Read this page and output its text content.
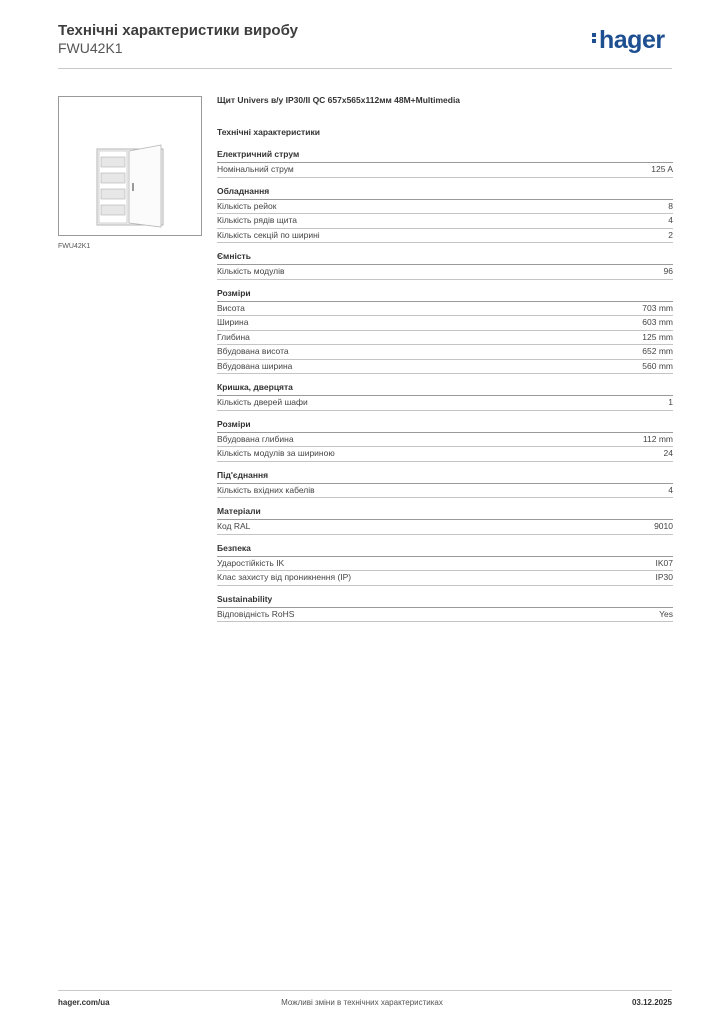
Технічні характеристики виробу
FWU42K1	hager
FWU42K1
Щит Univers в/у IP30/II QC 657x565x112мм 48M+Multimedia
Технічні характеристики
Електричний струм
Номінальний струм	125 A
Обладнання
Кількість рейок	8
Кількість рядів щита	4
Кількість секцій по ширині	2
Ємність
Кількість модулів	96
Розміри
Висота	703 mm
Ширина	603 mm
Глибина	125 mm
Вбудована висота	652 mm
Вбудована ширина	560 mm
Кришка, дверцята
Кількість дверей шафи	1
Розміри
Вбудована глибина	112 mm
Кількість модулів за шириною	24
Під'єднання
Кількість вхідних кабелів	4
Матеріали
Код RAL	9010
Безпека
Ударостійкість IK	IK07
Клас захисту від проникнення (IP)	IP30
Sustainability
Відповідність RoHS	Yes
hager.com/ua	Можливі зміни в технічних характеристиках	03.12.2025
